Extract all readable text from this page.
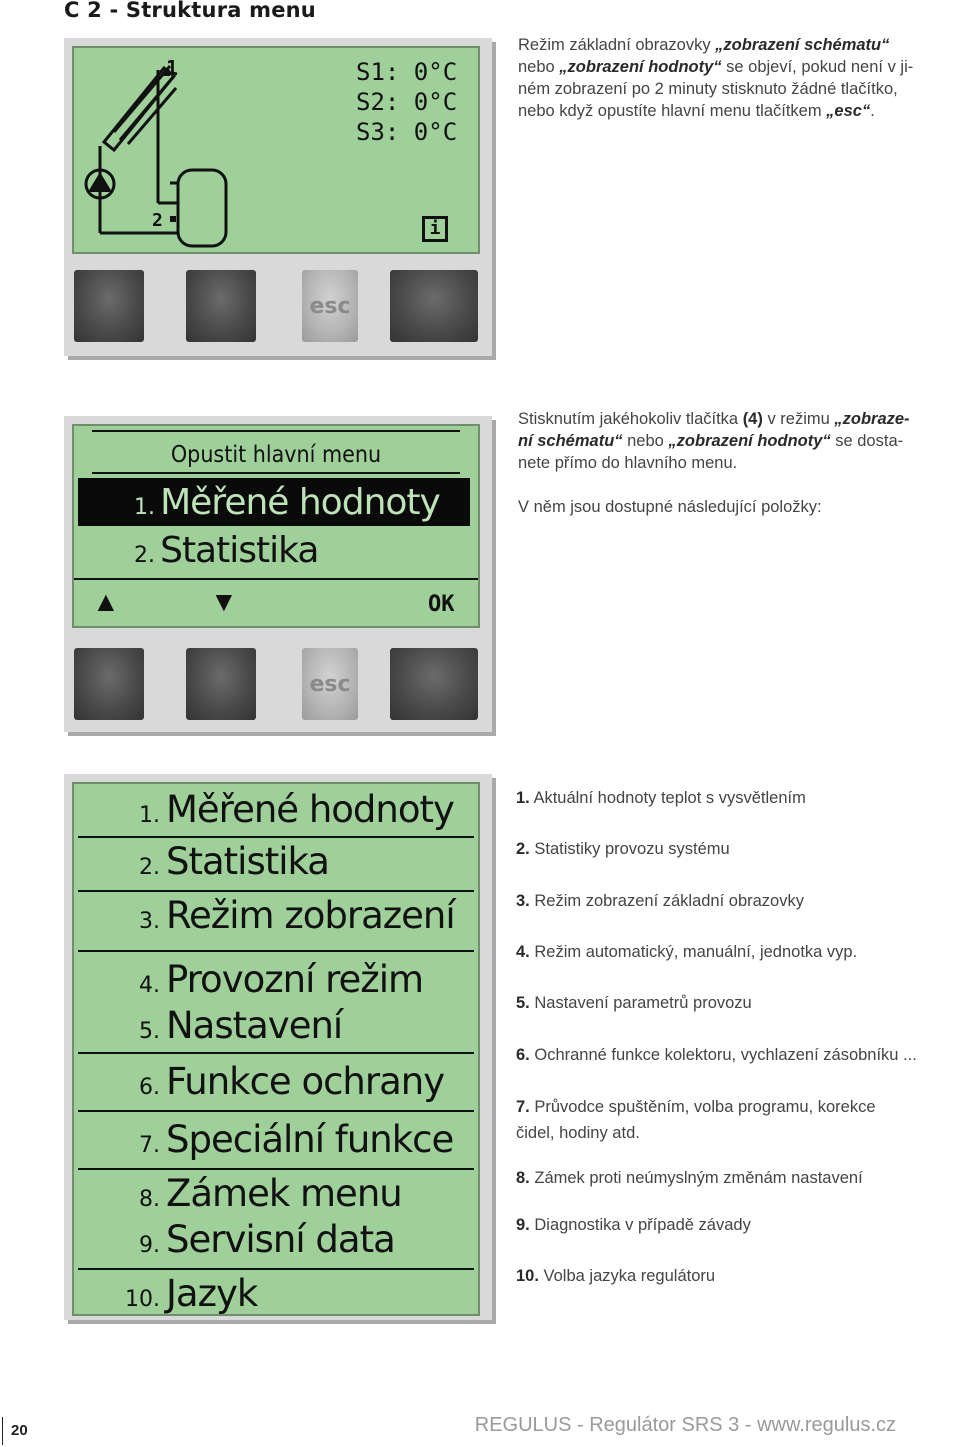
C 2 - Struktura menu
1
2
S1: 0°C
S2: 0°C
S3: 0°C
i
esc
Režim základní obrazovky „zobrazení schématu“
nebo „zobrazení hodnoty“ se objeví, pokud není v ji-
ném zobrazení po 2 minuty stisknuto žádné tlačítko,
nebo když opustíte hlavní menu tlačítkem „esc“.
Opustit hlavní menu
1. Měřené hodnoty
2. Statistika
▲	▼	OK
esc
Stisknutím jakéhokoliv tlačítka (4) v režimu „zobraze-
ní schématu“ nebo „zobrazení hodnoty“ se dosta-
nete přímo do hlavního menu.
V něm jsou dostupné následující položky:
1. Měřené hodnoty
2. Statistika
3. Režim zobrazení
4. Provozní režim
5. Nastavení
6. Funkce ochrany
7. Speciální funkce
8. Zámek menu
9. Servisní data
10. Jazyk
1. Aktuální hodnoty teplot s vysvětlením
2. Statistiky provozu systému
3. Režim zobrazení základní obrazovky
4. Režim automatický, manuální, jednotka vyp.
5. Nastavení parametrů provozu
6. Ochranné funkce kolektoru, vychlazení zásobníku ...
7. Průvodce spuštěním, volba programu, korekce
čidel, hodiny atd.
8. Zámek proti neúmyslným změnám nastavení
9. Diagnostika v případě závady
10. Volba jazyka regulátoru
20	REGULUS - Regulátor SRS 3 - www.regulus.cz
